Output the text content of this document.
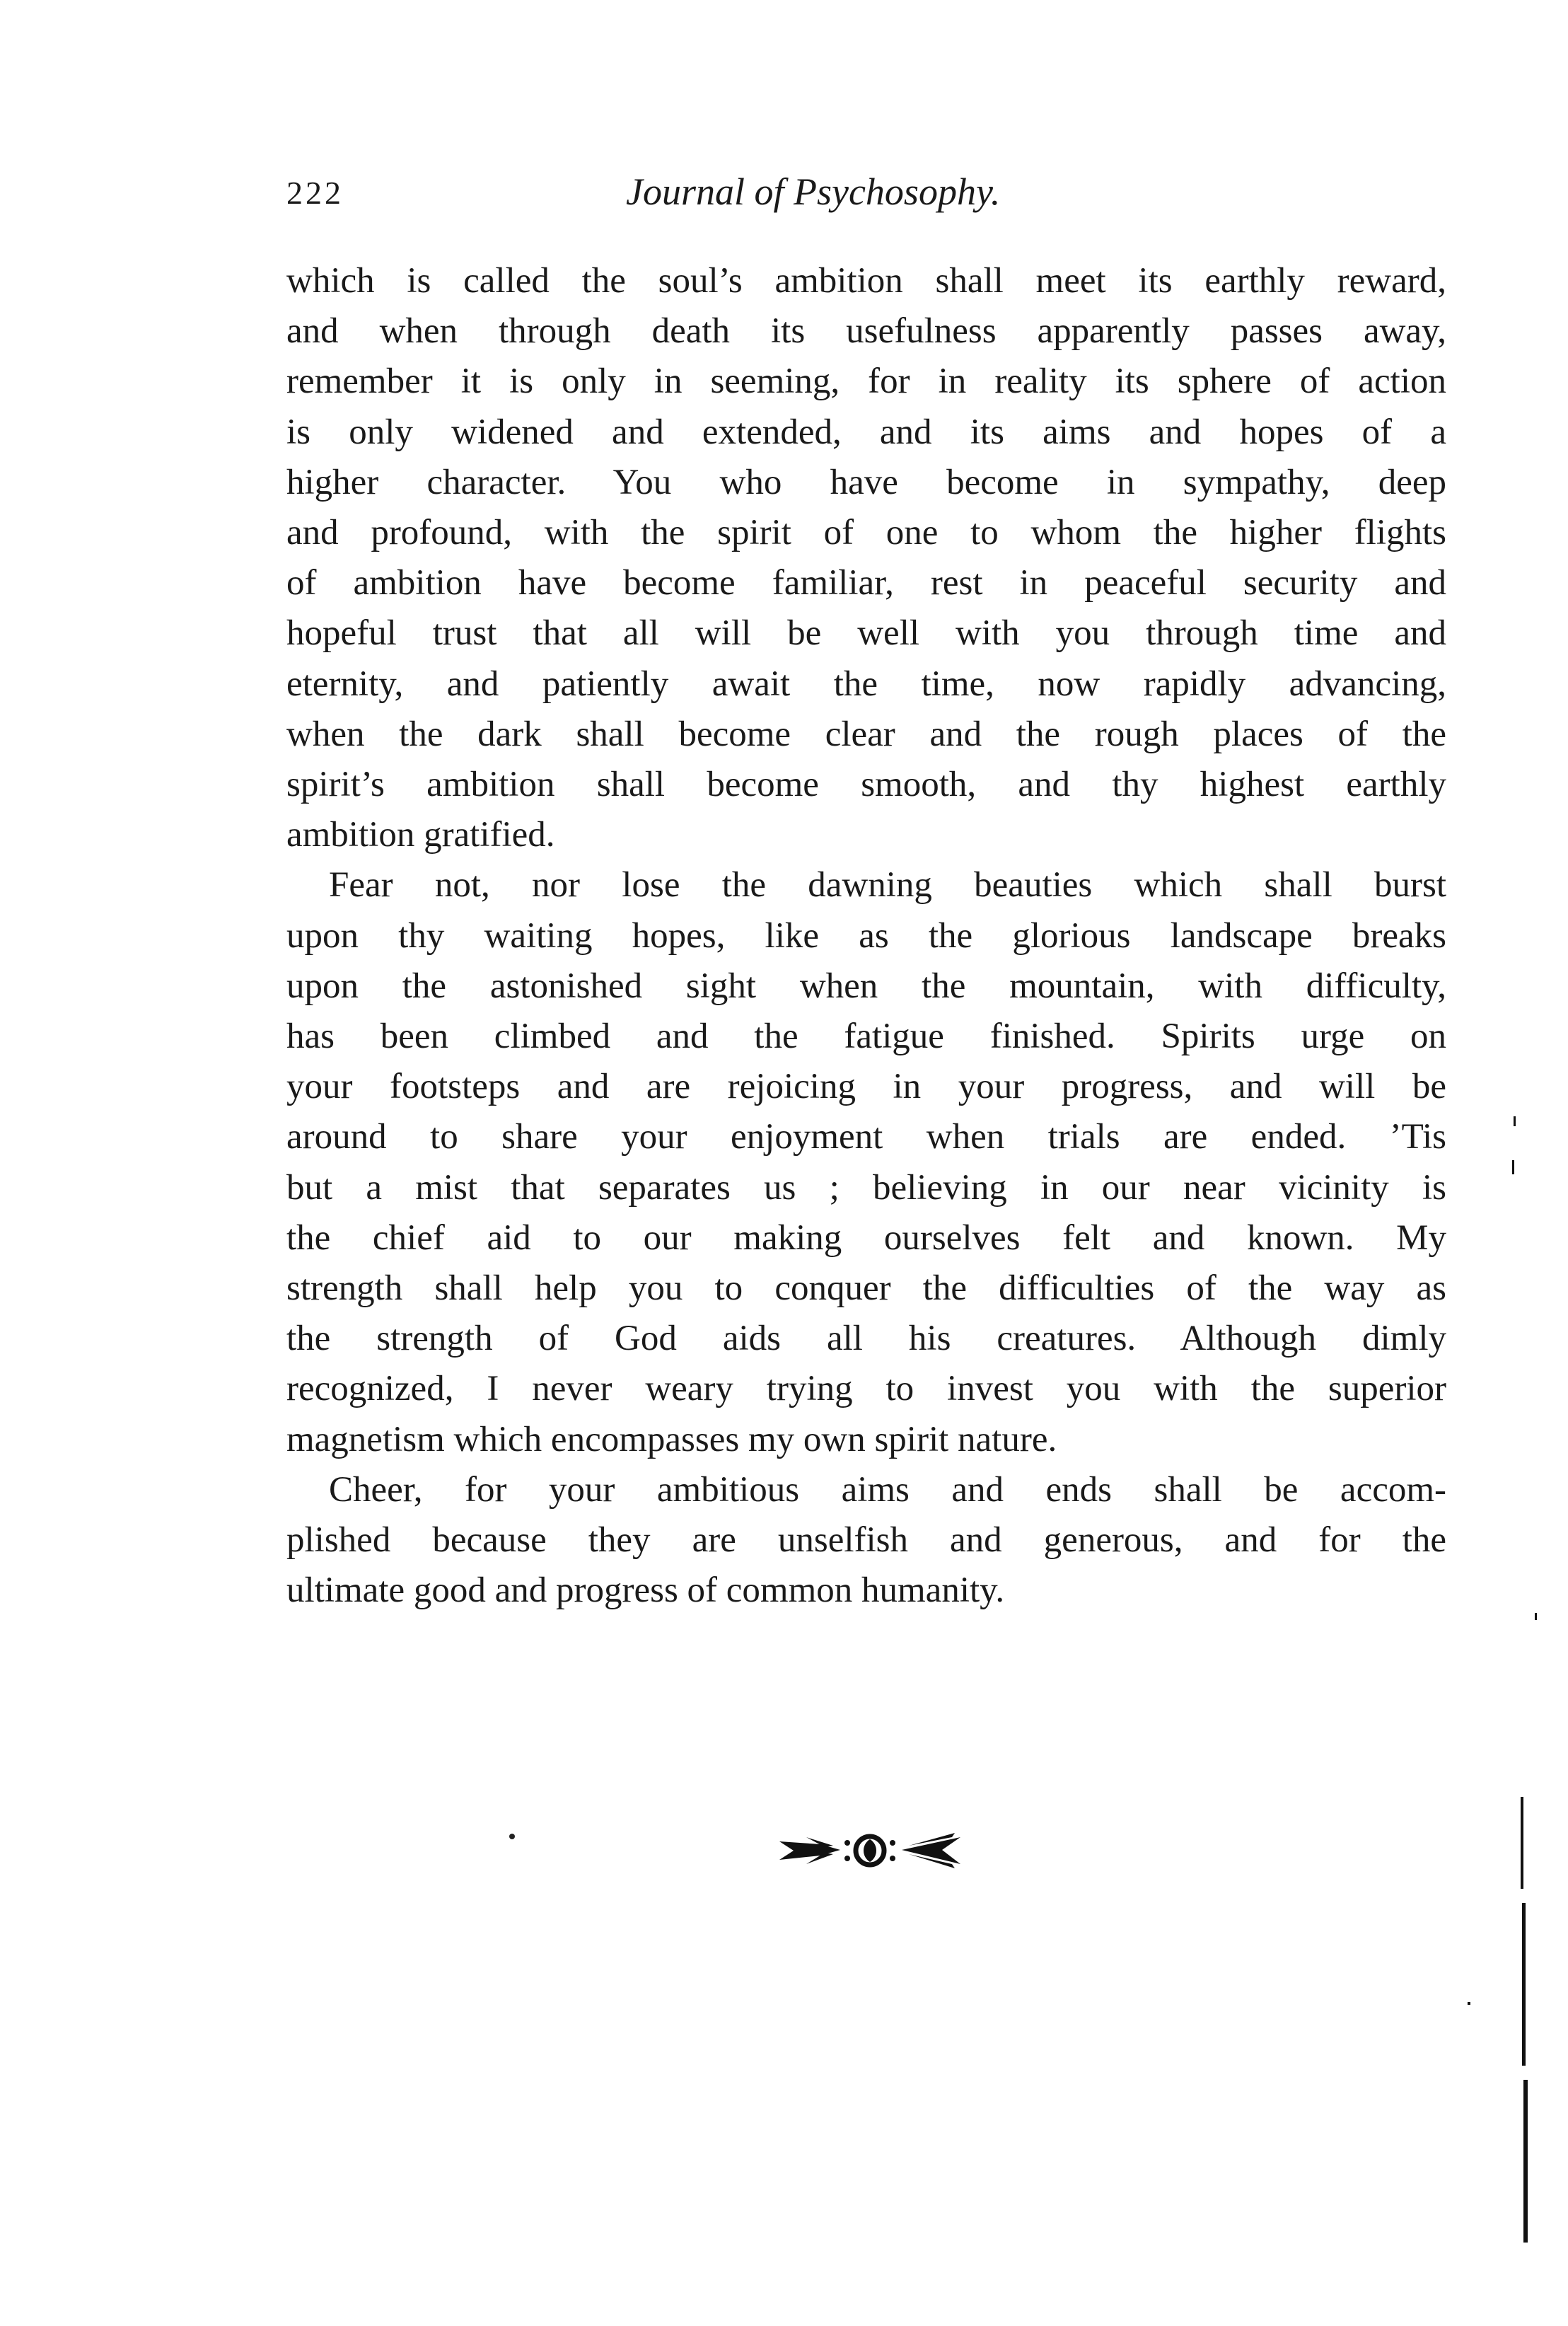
222	Journal of Psychosophy.

which is called the soul’s ambition shall meet its earthly reward,
and when through death its usefulness apparently passes away,
remember it is only in seeming, for in reality its sphere of action
is only widened and extended, and its aims and hopes of a
higher character. You who have become in sympathy, deep
and profound, with the spirit of one to whom the higher flights
of ambition have become familiar, rest in peaceful security and
hopeful trust that all will be well with you through time and
eternity, and patiently await the time, now rapidly advancing,
when the dark shall become clear and the rough places of the
spirit’s ambition shall become smooth, and thy highest earthly
ambition gratified.

Fear not, nor lose the dawning beauties which shall burst
upon thy waiting hopes, like as the glorious landscape breaks
upon the astonished sight when the mountain, with difficulty,
has been climbed and the fatigue finished. Spirits urge on
your footsteps and are rejoicing in your progress, and will be
around to share your enjoyment when trials are ended. ’Tis
but a mist that separates us ; believing in our near vicinity is
the chief aid to our making ourselves felt and known. My
strength shall help you to conquer the difficulties of the way as
the strength of God aids all his creatures. Although dimly
recognized, I never weary trying to invest you with the superior
magnetism which encompasses my own spirit nature.

Cheer, for your ambitious aims and ends shall be accom-
plished because they are unselfish and generous, and for the
ultimate good and progress of common humanity.
